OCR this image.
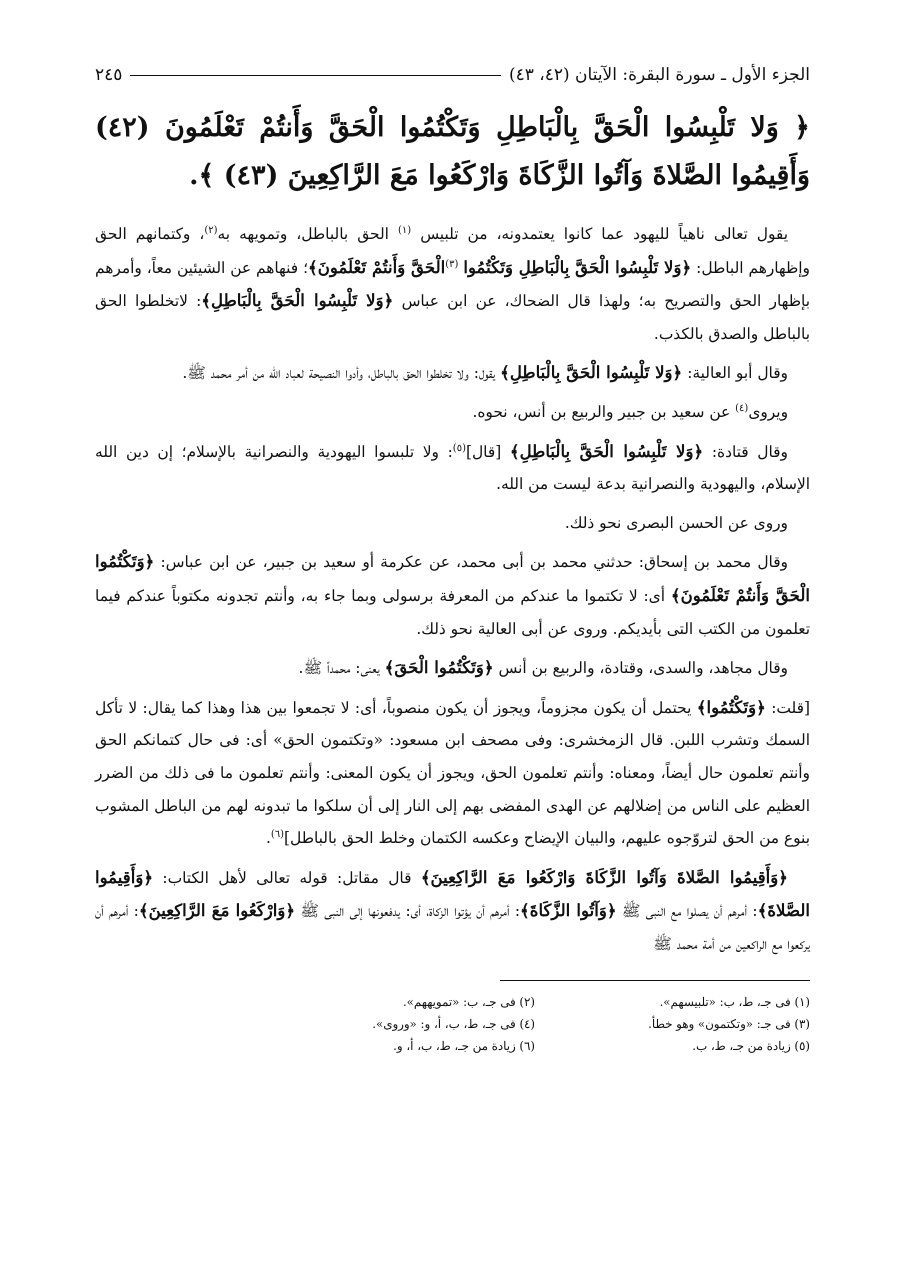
الجزء الأول ـ سورة البقرة: الآيتان (٤٢، ٤٣)
٢٤٥
﴿ وَلا تَلْبِسُوا الْحَقَّ بِالْبَاطِلِ وَتَكْتُمُوا الْحَقَّ وَأَنتُمْ تَعْلَمُونَ (٤٢) وَأَقِيمُوا الصَّلاةَ وَآتُوا الزَّكَاةَ وَارْكَعُوا مَعَ الرَّاكِعِينَ (٤٣) ﴾.

يقول تعالى ناهياً لليهود عما كانوا يعتمدونه، من تلبيس $^{(١)}$ الحق بالباطل، وتمويهه به$^{(٢)}$، وكتمانهم الحق وإظهارهم الباطل: ﴿وَلا تَلْبِسُوا الْحَقَّ بِالْبَاطِلِ وَتَكْتُمُوا $^{(٣)}$الْحَقَّ وَأَنتُمْ تَعْلَمُونَ﴾؛ فنهاهم عن الشيئين معاً، وأمرهم بإظهار الحق والتصريح به؛ ولهذا قال الضحاك، عن ابن عباس ﴿وَلا تَلْبِسُوا الْحَقَّ بِالْبَاطِلِ﴾: لاتخلطوا الحق بالباطل والصدق بالكذب.

وقال أبو العالية: ﴿وَلا تَلْبِسُوا الْحَقَّ بِالْبَاطِلِ﴾ يقول: ولا تخلطوا الحق بالباطل، وأدوا النصيحة لعباد الله من أمر محمد ﷺ.

ويروى$^{(٤)}$ عن سعيد بن جبير والربيع بن أنس، نحوه.

وقال قتادة: ﴿وَلا تَلْبِسُوا الْحَقَّ بِالْبَاطِلِ﴾ [قال]$^{(٥)}$: ولا تلبسوا اليهودية والنصرانية بالإسلام؛ إن دين الله الإسلام، واليهودية والنصرانية بدعة ليست من الله.

وروى عن الحسن البصرى نحو ذلك.

وقال محمد بن إسحاق: حدثني محمد بن أبى محمد، عن عكرمة أو سعيد بن جبير، عن ابن عباس: ﴿وَتَكْتُمُوا الْحَقَّ وَأَنتُمْ تَعْلَمُونَ﴾ أى: لا تكتموا ما عندكم من المعرفة برسولى وبما جاء به، وأنتم تجدونه مكتوباً عندكم فيما تعلمون من الكتب التى بأيديكم. وروى عن أبى العالية نحو ذلك.

وقال مجاهد، والسدى، وقتادة، والربيع بن أنس ﴿وَتَكْتُمُوا الْحَقَ﴾ يعنى: محمداً ﷺ.

[قلت: ﴿وَتَكْتُمُوا﴾ يحتمل أن يكون مجزوماً، ويجوز أن يكون منصوباً، أى: لا تجمعوا بين هذا وهذا كما يقال: لا تأكل السمك وتشرب اللبن. قال الزمخشرى: وفى مصحف ابن مسعود: «وتكتمون الحق» أى: فى حال كتمانكم الحق وأنتم تعلمون حال أيضاً، ومعناه: وأنتم تعلمون الحق، ويجوز أن يكون المعنى: وأنتم تعلمون ما فى ذلك من الضرر العظيم على الناس من إضلالهم عن الهدى المفضى بهم إلى النار إلى أن سلكوا ما تبدونه لهم من الباطل المشوب بنوع من الحق لتروّجوه عليهم، والبيان الإيضاح وعكسه الكتمان وخلط الحق بالباطل]$^{(٦)}$.

﴿وَأَقِيمُوا الصَّلاةَ وَآتُوا الزَّكَاةَ وَارْكَعُوا مَعَ الرَّاكِعِينَ﴾ قال مقاتل: قوله تعالى لأهل الكتاب: ﴿وَأَقِيمُوا الصَّلاةَ﴾: أمرهم أن يصلوا مع النبى ﷺ ﴿وَآتُوا الزَّكَاةَ﴾: أمرهم أن يؤتوا الزكاة، أى: يدفعونها إلى النبى ﷺ ﴿وَارْكَعُوا مَعَ الرَّاكِعِينَ﴾: أمرهم أن يركعوا مع الراكعين من أمة محمد ﷺ

(١) فى جـ، ط، ب: «تلبيسهم».
(٢) فى جـ، ب: «تمويههم».
(٣) فى جـ: «وتكتمون» وهو خطأ.
(٤) فى جـ، ط، ب، أ، و: «وروى».
(٥) زيادة من جـ، ط، ب.
(٦) زيادة من جـ، ط، ب، أ، و.
